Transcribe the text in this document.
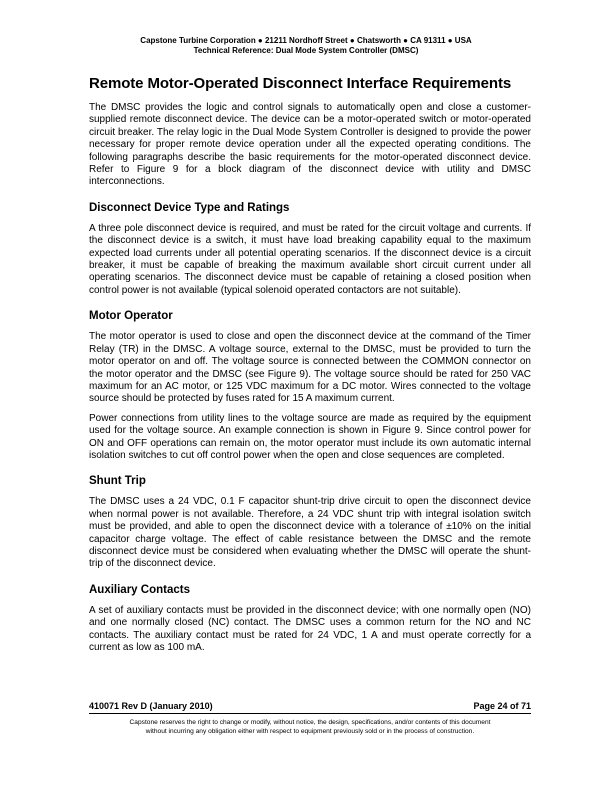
Capstone Turbine Corporation ● 21211 Nordhoff Street ● Chatsworth ● CA 91311 ● USA
Technical Reference: Dual Mode System Controller (DMSC)
Remote Motor-Operated Disconnect Interface Requirements

The DMSC provides the logic and control signals to automatically open and close a customer-supplied remote disconnect device. The device can be a motor-operated switch or motor-operated circuit breaker. The relay logic in the Dual Mode System Controller is designed to provide the power necessary for proper remote device operation under all the expected operating conditions. The following paragraphs describe the basic requirements for the motor-operated disconnect device. Refer to Figure 9 for a block diagram of the disconnect device with utility and DMSC interconnections.

Disconnect Device Type and Ratings

A three pole disconnect device is required, and must be rated for the circuit voltage and currents. If the disconnect device is a switch, it must have load breaking capability equal to the maximum expected load currents under all potential operating scenarios. If the disconnect device is a circuit breaker, it must be capable of breaking the maximum available short circuit current under all operating scenarios. The disconnect device must be capable of retaining a closed position when control power is not available (typical solenoid operated contactors are not suitable).

Motor Operator

The motor operator is used to close and open the disconnect device at the command of the Timer Relay (TR) in the DMSC. A voltage source, external to the DMSC, must be provided to turn the motor operator on and off. The voltage source is connected between the COMMON connector on the motor operator and the DMSC (see Figure 9). The voltage source should be rated for 250 VAC maximum for an AC motor, or 125 VDC maximum for a DC motor. Wires connected to the voltage source should be protected by fuses rated for 15 A maximum current.

Power connections from utility lines to the voltage source are made as required by the equipment used for the voltage source. An example connection is shown in Figure 9. Since control power for ON and OFF operations can remain on, the motor operator must include its own automatic internal isolation switches to cut off control power when the open and close sequences are completed.

Shunt Trip

The DMSC uses a 24 VDC, 0.1 F capacitor shunt-trip drive circuit to open the disconnect device when normal power is not available. Therefore, a 24 VDC shunt trip with integral isolation switch must be provided, and able to open the disconnect device with a tolerance of ±10% on the initial capacitor charge voltage. The effect of cable resistance between the DMSC and the remote disconnect device must be considered when evaluating whether the DMSC will operate the shunt-trip of the disconnect device.

Auxiliary Contacts

A set of auxiliary contacts must be provided in the disconnect device; with one normally open (NO) and one normally closed (NC) contact. The DMSC uses a common return for the NO and NC contacts. The auxiliary contact must be rated for 24 VDC, 1 A and must operate correctly for a current as low as 100 mA.

410071 Rev D (January 2010)	Page 24 of 71
Capstone reserves the right to change or modify, without notice, the design, specifications, and/or contents of this document
without incurring any obligation either with respect to equipment previously sold or in the process of construction.
